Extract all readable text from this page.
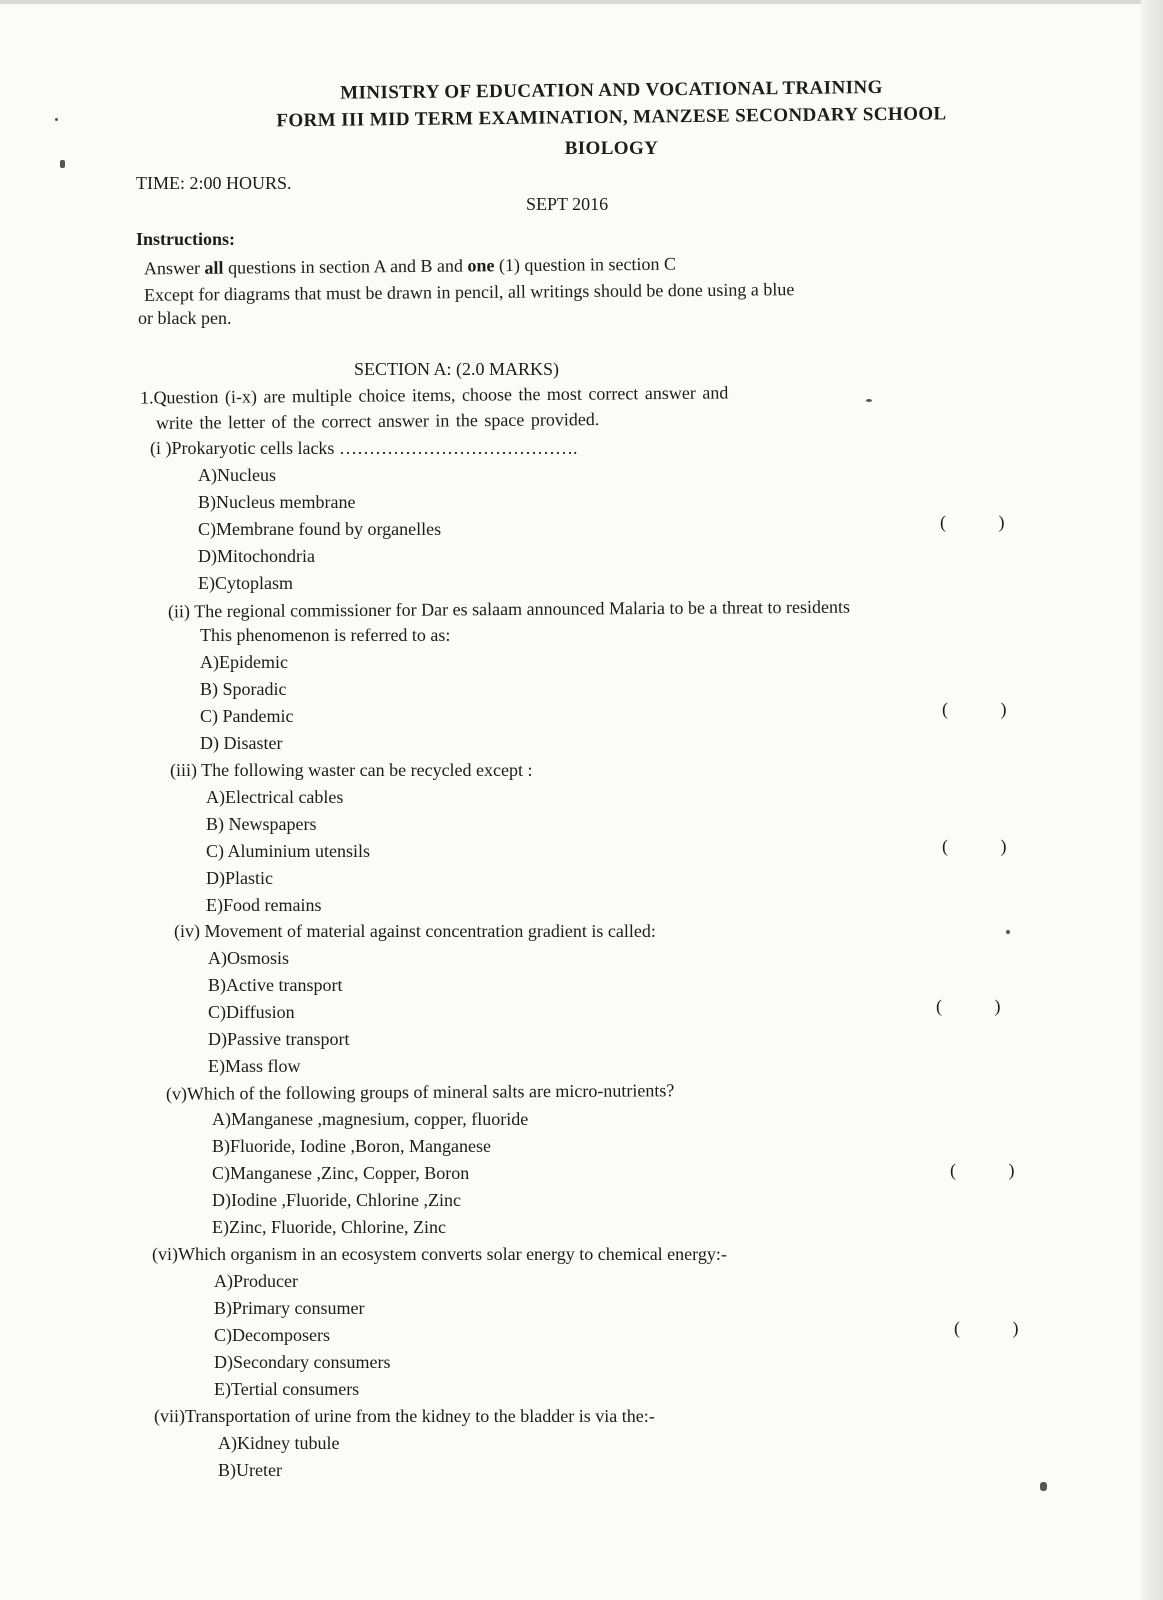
MINISTRY OF EDUCATION AND VOCATIONAL TRAINING
FORM III MID TERM EXAMINATION, MANZESE SECONDARY SCHOOL
BIOLOGY
TIME: 2:00 HOURS.
SEPT 2016
Instructions:
Answer all questions in section A and B and one (1) question in section C
Except for diagrams that must be drawn in pencil, all writings should be done using a blue
or black pen.
SECTION A: (2.0 MARKS)
1.Question (i-x) are multiple choice items, choose the most correct answer and
write the letter of the correct answer in the space provided.
(i )Prokaryotic cells lacks ………………………………….
A)Nucleus
B)Nucleus membrane
C)Membrane found by organelles
D)Mitochondria
E)Cytoplasm
( )
(ii) The regional commissioner for Dar es salaam announced Malaria to be a threat to residents
This phenomenon is referred to as:
A)Epidemic
B) Sporadic
C) Pandemic
D) Disaster
( )
(iii) The following waster can be recycled except :
A)Electrical cables
B) Newspapers
C) Aluminium utensils
D)Plastic
E)Food remains
( )
(iv) Movement of material against concentration gradient is called:
A)Osmosis
B)Active transport
C)Diffusion
D)Passive transport
E)Mass flow
( )
(v)Which of the following groups of mineral salts are micro-nutrients?
A)Manganese ,magnesium, copper, fluoride
B)Fluoride, Iodine ,Boron, Manganese
C)Manganese ,Zinc, Copper, Boron
D)Iodine ,Fluoride, Chlorine ,Zinc
E)Zinc, Fluoride, Chlorine, Zinc
( )
(vi)Which organism in an ecosystem converts solar energy to chemical energy:-
A)Producer
B)Primary consumer
C)Decomposers
D)Secondary consumers
E)Tertial consumers
( )
(vii)Transportation of urine from the kidney to the bladder is via the:-
A)Kidney tubule
B)Ureter
